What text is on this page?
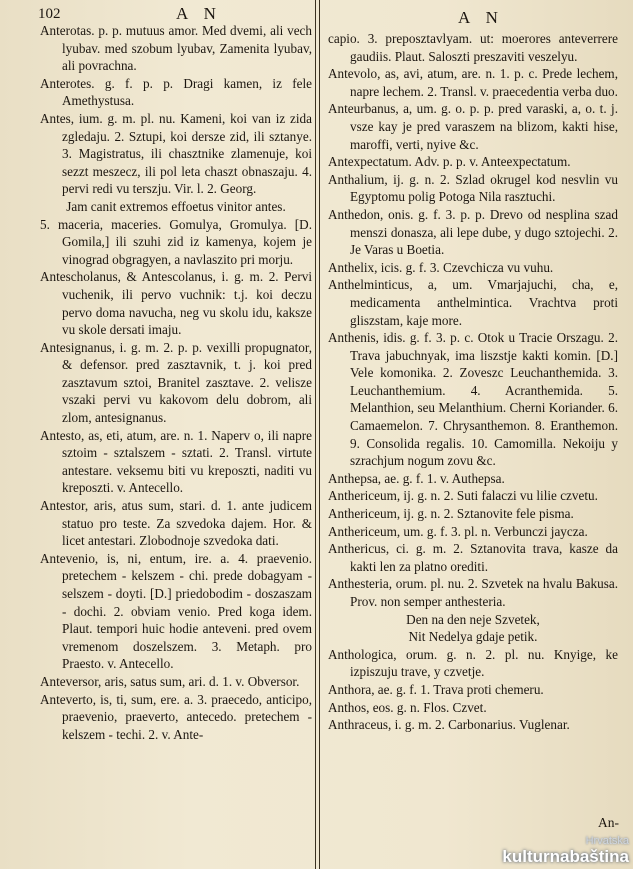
102	A N	A N

Anterotas. p. p. mutuus amor. Med dvemi, ali vech lyubav. med szobum lyubav, Zamenita lyubav, ali povrachna.

Anterotes. g. f. p. p. Dragi kamen, iz fele Amethystusa.

Antes, ium. g. m. pl. nu. Kameni, koi van iz zida zgledaju. 2. Sztupi, koi dersze zid, ili sztanye. 3. Magistratus, ili chasztnike zlamenuje, koi sezzt meszecz, ili pol leta chaszt obnaszaju. 4. pervi redi vu terszju. Vir. l. 2. Georg.

Jam canit extremos effoetus vinitor antes.

5. maceria, maceries. Gomulya, Gromulya. [D. Gomila,] ili szuhi zid iz kamenya, kojem je vinograd obgragyen, a navlaszito pri morju.

Antescholanus, & Antescolanus, i. g. m. 2. Pervi vuchenik, ili pervo vuchnik: t.j. koi deczu pervo doma navucha, neg vu skolu idu, kaksze vu skole dersati imaju.

Antesignanus, i. g. m. 2. p. p. vexilli propugnator, & defensor. pred zasztavnik, t. j. koi pred zasztavum sztoi, Branitel zasztave. 2. velisze vszaki pervi vu kakovom delu dobrom, ali zlom, antesignanus.

Antesto, as, eti, atum, are. n. 1. Naperv o, ili napre sztoim - sztalszem - sztati. 2. Transl. virtute antestare. veksemu biti vu kreposzti, naditi vu kreposzti. v. Antecello.

Antestor, aris, atus sum, stari. d. 1. ante judicem statuo pro teste. Za szvedoka dajem. Hor. & licet antestari. Zlobodnoje szvedoka dati.

Antevenio, is, ni, entum, ire. a. 4. praevenio. pretechem - kelszem - chi. prede dobagyam - selszem - doyti. [D.] priedobodim - doszaszam - dochi. 2. obviam venio. Pred koga idem. Plaut. tempori huic hodie anteveni. pred ovem vremenom doszelszem. 3. Metaph. pro Praesto. v. Antecello.

Anteversor, aris, satus sum, ari. d. 1. v. Obversor.

Anteverto, is, ti, sum, ere. a. 3. praecedo, anticipo, praevenio, praeverto, antecedo. pretechem - kelszem - techi. 2. v. Ante-

capio. 3. preposztavlyam. ut: moerores anteverrere gaudiis. Plaut. Saloszti preszaviti veszelyu.

Antevolo, as, avi, atum, are. n. 1. p. c. Prede lechem, napre lechem. 2. Transl. v. praecedentia verba duo.

Anteurbanus, a, um. g. o. p. p. pred varaski, a, o. t. j. vsze kay je pred varaszem na blizom, kakti hise, maroffi, verti, nyive &c.

Antexpectatum. Adv. p. p. v. Anteexpectatum.

Anthalium, ij. g. n. 2. Szlad okrugel kod nesvlin vu Egyptomu polig Potoga Nila rasztuchi.

Anthedon, onis. g. f. 3. p. p. Drevo od nesplina szad menszi donasza, ali lepe dube, y dugo sztojechi. 2. Je Varas u Boetia.

Anthelix, icis. g. f. 3. Czevchicza vu vuhu.

Anthelminticus, a, um. Vmarjajuchi, cha, e, medicamenta anthelmintica. Vrachtva proti gliszstam, kaje more.

Anthenis, idis. g. f. 3. p. c. Otok u Tracie Orszagu. 2. Trava jabuchnyak, ima liszstje kakti komin. [D.] Vele komonika. 2. Zoveszc Leuchanthemida. 3. Leuchanthemium. 4. Acranthemida. 5. Melanthion, seu Melanthium. Cherni Koriander. 6. Camaemelon. 7. Chrysanthemon. 8. Eranthemon. 9. Consolida regalis. 10. Camomilla. Nekoiju y szrachjum nogum zovu &c.

Anthepsa, ae. g. f. 1. v. Authepsa.

Anthericeum, ij. g. n. 2. Suti falaczi vu lilie czvetu.

Anthericeum, ij. g. n. 2. Sztanovite fele pisma.

Anthericeum, um. g. f. 3. pl. n. Verbunczi jaycza.

Anthericus, ci. g. m. 2. Sztanovita trava, kasze da kakti len za platno orediti.

Anthesteria, orum. pl. nu. 2. Szvetek na hvalu Bakusa. Prov. non semper anthesteria.

Den na den neje Szvetek,

Nit Nedelya gdaje petik.

Anthologica, orum. g. n. 2. pl. nu. Knyige, ke izpiszuju trave, y czvetje.

Anthora, ae. g. f. 1. Trava proti chemeru.

Anthos, eos. g. n. Flos. Czvet.

Anthraceus, i. g. m. 2. Carbonarius. Vuglenar.

An-
Hrvatska
kulturnabaština
